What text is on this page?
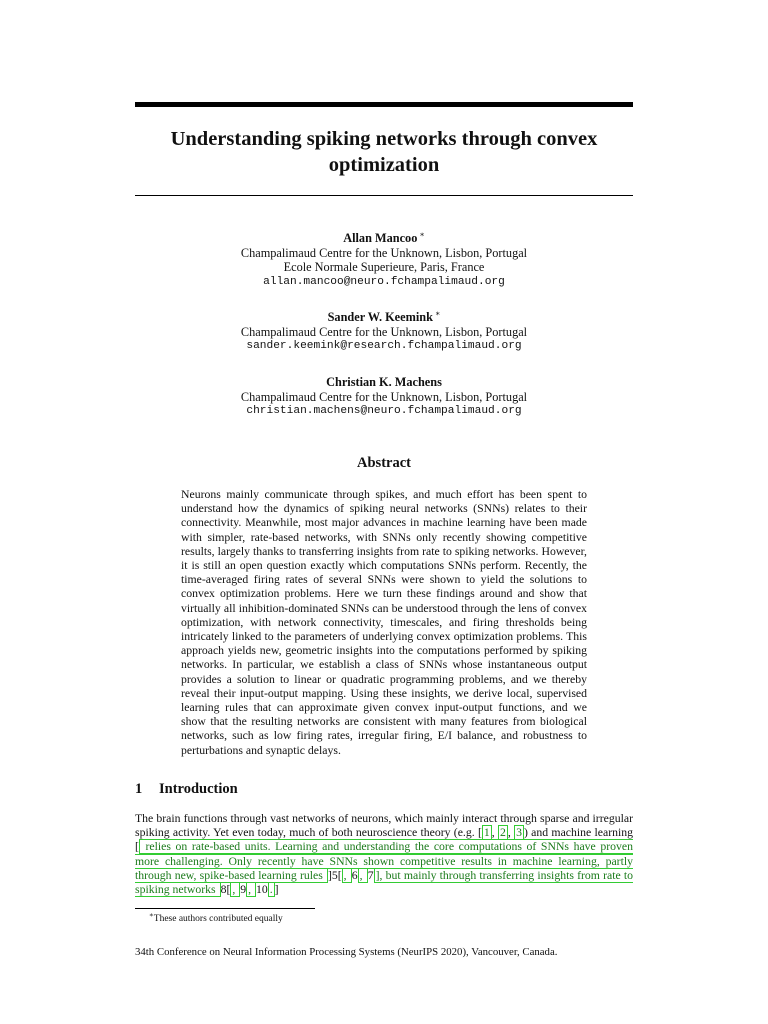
Understanding spiking networks through convex optimization
Allan Mancoo ∗
Champalimaud Centre for the Unknown, Lisbon, Portugal
Ecole Normale Superieure, Paris, France
allan.mancoo@neuro.fchampalimaud.org
Sander W. Keemink ∗
Champalimaud Centre for the Unknown, Lisbon, Portugal
sander.keemink@research.fchampalimaud.org
Christian K. Machens
Champalimaud Centre for the Unknown, Lisbon, Portugal
christian.machens@neuro.fchampalimaud.org
Abstract
Neurons mainly communicate through spikes, and much effort has been spent to understand how the dynamics of spiking neural networks (SNNs) relates to their connectivity. Meanwhile, most major advances in machine learning have been made with simpler, rate-based networks, with SNNs only recently showing competitive results, largely thanks to transferring insights from rate to spiking networks. However, it is still an open question exactly which computations SNNs perform. Recently, the time-averaged firing rates of several SNNs were shown to yield the solutions to convex optimization problems. Here we turn these findings around and show that virtually all inhibition-dominated SNNs can be understood through the lens of convex optimization, with network connectivity, timescales, and firing thresholds being intricately linked to the parameters of underlying convex optimization problems. This approach yields new, geometric insights into the computations performed by spiking networks. In particular, we establish a class of SNNs whose instantaneous output provides a solution to linear or quadratic programming problems, and we thereby reveal their input-output mapping. Using these insights, we derive local, supervised learning rules that can approximate given convex input-output functions, and we show that the resulting networks are consistent with many features from biological networks, such as low firing rates, irregular firing, E/I balance, and robustness to perturbations and synaptic delays.
1 Introduction
The brain functions through vast networks of neurons, which mainly interact through sparse and irregular spiking activity. Yet even today, much of both neuroscience theory (e.g. [ 1 , 2 , 3 ) and machine learning [ relies on rate-based units. Learning and understanding the core computations of SNNs have proven more challenging. Only recently have SNNs shown competitive results in machine learning, partly through new, spike-based learning rules ]5[ , 6 , 7 ], but mainly through transferring insights from rate to spiking networks 8[ , 9 , 10 . ]
∗These authors contributed equally
34th Conference on Neural Information Processing Systems (NeurIPS 2020), Vancouver, Canada.
